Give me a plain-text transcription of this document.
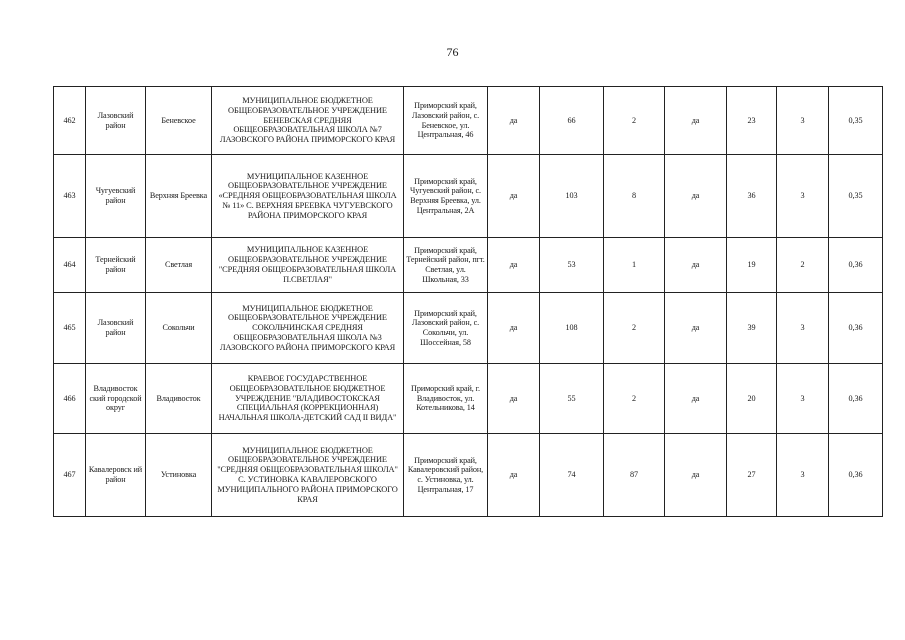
76
462	Лазовский район	Беневское	МУНИЦИПАЛЬНОЕ БЮДЖЕТНОЕ ОБЩЕОБРАЗОВАТЕЛЬНОЕ УЧРЕЖДЕНИЕ БЕНЕВСКАЯ СРЕДНЯЯ ОБЩЕОБРАЗОВАТЕЛЬНАЯ ШКОЛА №7 ЛАЗОВСКОГО РАЙОНА ПРИМОРСКОГО КРАЯ	Приморский край, Лазовский район, с. Беневское, ул. Центральная, 46	да	66	2	да	23	3	0,35
463	Чугуевский район	Верхняя Бреевка	МУНИЦИПАЛЬНОЕ КАЗЕННОЕ ОБЩЕОБРАЗОВАТЕЛЬНОЕ УЧРЕЖДЕНИЕ «СРЕДНЯЯ ОБЩЕОБРАЗОВАТЕЛЬНАЯ ШКОЛА № 11» С. ВЕРХНЯЯ БРЕЕВКА ЧУГУЕВСКОГО РАЙОНА ПРИМОРСКОГО КРАЯ	Приморский край, Чугуевский район, с. Верхняя Бреевка, ул. Центральная, 2А	да	103	8	да	36	3	0,35
464	Тернейский район	Светлая	МУНИЦИПАЛЬНОЕ КАЗЕННОЕ ОБЩЕОБРАЗОВАТЕЛЬНОЕ УЧРЕЖДЕНИЕ "СРЕДНЯЯ ОБЩЕОБРАЗОВАТЕЛЬНАЯ ШКОЛА П.СВЕТЛАЯ"	Приморский край, Тернейский район, пгт. Светлая, ул. Школьная, 33	да	53	1	да	19	2	0,36
465	Лазовский район	Сокольчи	МУНИЦИПАЛЬНОЕ БЮДЖЕТНОЕ ОБЩЕОБРАЗОВАТЕЛЬНОЕ УЧРЕЖДЕНИЕ СОКОЛЬЧИНСКАЯ СРЕДНЯЯ ОБЩЕОБРАЗОВАТЕЛЬНАЯ ШКОЛА №3 ЛАЗОВСКОГО РАЙОНА ПРИМОРСКОГО КРАЯ	Приморский край, Лазовский район, с. Сокольчи, ул. Шоссейная, 58	да	108	2	да	39	3	0,36
466	Владивосток ский городской округ	Владивосток	КРАЕВОЕ ГОСУДАРСТВЕННОЕ ОБЩЕОБРАЗОВАТЕЛЬНОЕ БЮДЖЕТНОЕ УЧРЕЖДЕНИЕ "ВЛАДИВОСТОКСКАЯ СПЕЦИАЛЬНАЯ (КОРРЕКЦИОННАЯ) НАЧАЛЬНАЯ ШКОЛА-ДЕТСКИЙ САД II ВИДА"	Приморский край, г. Владивосток, ул. Котельникова, 14	да	55	2	да	20	3	0,36
467	Кавалеровск ий район	Устиновка	МУНИЦИПАЛЬНОЕ БЮДЖЕТНОЕ ОБЩЕОБРАЗОВАТЕЛЬНОЕ УЧРЕЖДЕНИЕ "СРЕДНЯЯ ОБЩЕОБРАЗОВАТЕЛЬНАЯ ШКОЛА" С. УСТИНОВКА КАВАЛЕРОВСКОГО МУНИЦИПАЛЬНОГО РАЙОНА ПРИМОРСКОГО КРАЯ	Приморский край, Кавалеровский район, с. Устиновка, ул. Центральная, 17	да	74	87	да	27	3	0,36
